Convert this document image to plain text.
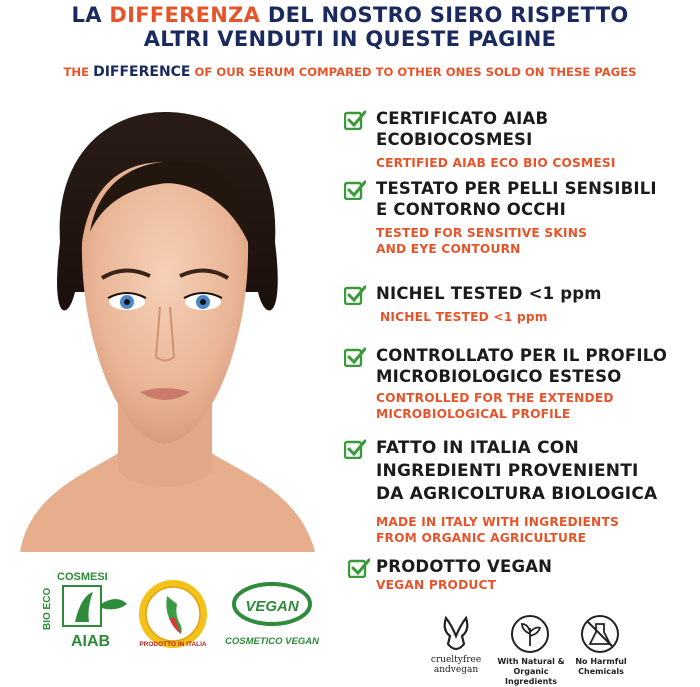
LA DIFFERENZA DEL NOSTRO SIERO RISPETTO
ALTRI VENDUTI IN QUESTE PAGINE
THE DIFFERENCE OF OUR SERUM COMPARED TO OTHER ONES SOLD ON THESE PAGES
CERTIFICATO AIAB
ECOBIOCOSMESI
CERTIFIED AIAB ECO BIO COSMESI
TESTATO PER PELLI SENSIBILI
E CONTORNO OCCHI
TESTED FOR SENSITIVE SKINS
AND EYE CONTOURN
NICHEL TESTED <1 ppm
NICHEL TESTED <1 ppm
CONTROLLATO PER IL PROFILO
MICROBIOLOGICO ESTESO
CONTROLLED FOR THE EXTENDED
MICROBIOLOGICAL PROFILE
FATTO IN ITALIA CON
INGREDIENTI PROVENIENTI
DA AGRICOLTURA BIOLOGICA
MADE IN ITALY WITH INGREDIENTS
FROM ORGANIC AGRICULTURE
PRODOTTO VEGAN
VEGAN PRODUCT
COSMESI
BIO ECO
AIAB	PRODOTTO IN ITALIA
VEGAN
COSMETICO VEGAN
crueltyfree
andvegan
With Natural &
Organic Ingredients
No Harmful
Chemicals
